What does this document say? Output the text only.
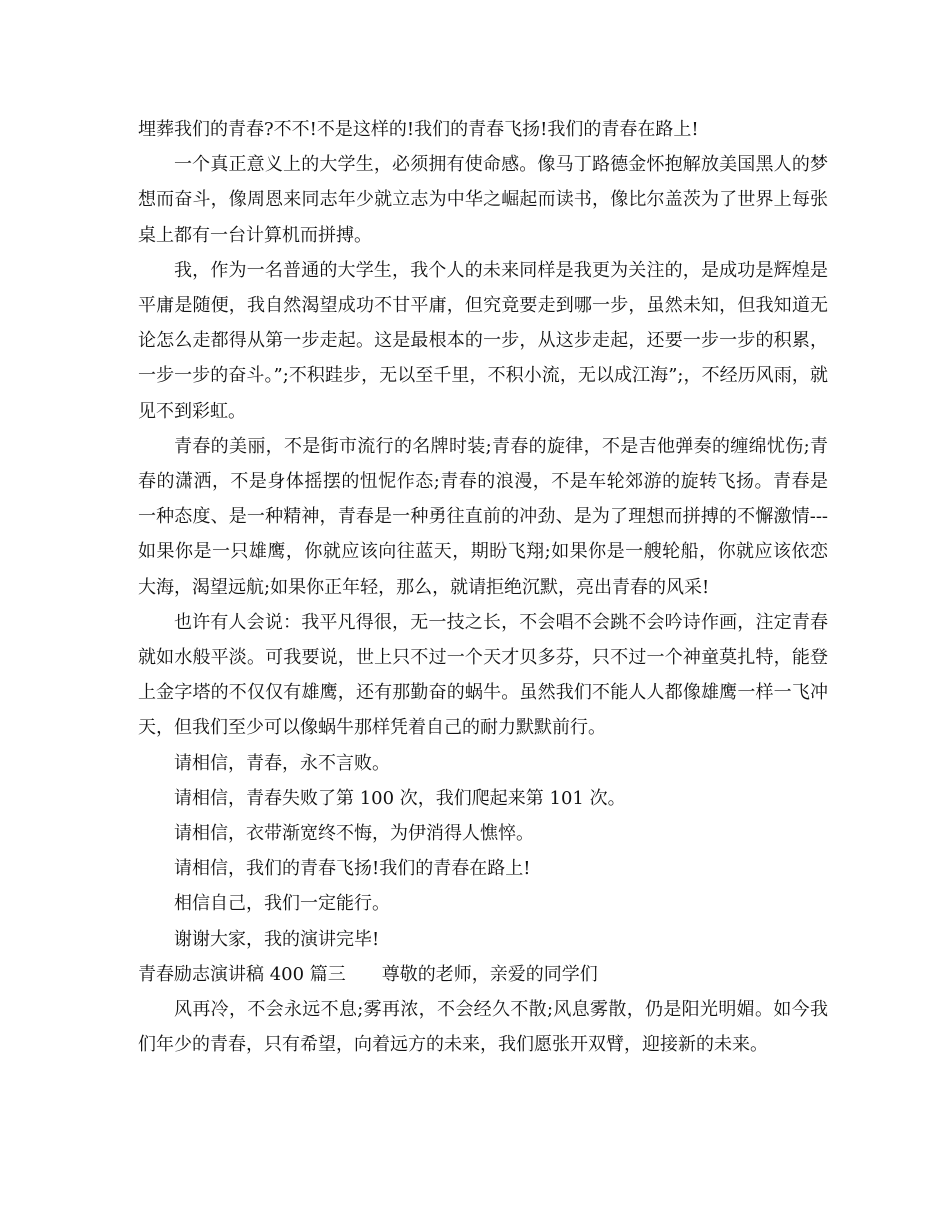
埋葬我们的青春?不不!不是这样的!我们的青春飞扬!我们的青春在路上!

一个真正意义上的大学生，必须拥有使命感。像马丁路德金怀抱解放美国黑人的梦想而奋斗，像周恩来同志年少就立志为中华之崛起而读书，像比尔盖茨为了世界上每张桌上都有一台计算机而拼搏。

我，作为一名普通的大学生，我个人的未来同样是我更为关注的，是成功是辉煌是平庸是随便，我自然渴望成功不甘平庸，但究竟要走到哪一步，虽然未知，但我知道无论怎么走都得从第一步走起。这是最根本的一步，从这步走起，还要一步一步的积累，一步一步的奋斗。”;不积跬步，无以至千里，不积小流，无以成江海”;，不经历风雨，就见不到彩虹。

青春的美丽，不是街市流行的名牌时装;青春的旋律，不是吉他弹奏的缠绵忧伤;青春的潇洒，不是身体摇摆的忸怩作态;青春的浪漫，不是车轮郊游的旋转飞扬。青春是一种态度、是一种精神，青春是一种勇往直前的冲劲、是为了理想而拼搏的不懈激情---如果你是一只雄鹰，你就应该向往蓝天，期盼飞翔;如果你是一艘轮船，你就应该依恋大海，渴望远航;如果你正年轻，那么，就请拒绝沉默，亮出青春的风采!

也许有人会说：我平凡得很，无一技之长，不会唱不会跳不会吟诗作画，注定青春就如水般平淡。可我要说，世上只不过一个天才贝多芬，只不过一个神童莫扎特，能登上金字塔的不仅仅有雄鹰，还有那勤奋的蜗牛。虽然我们不能人人都像雄鹰一样一飞冲天，但我们至少可以像蜗牛那样凭着自己的耐力默默前行。

请相信，青春，永不言败。

请相信，青春失败了第 100 次，我们爬起来第 101 次。

请相信，衣带渐宽终不悔，为伊消得人憔悴。

请相信，我们的青春飞扬!我们的青春在路上!

相信自己，我们一定能行。

谢谢大家，我的演讲完毕!

青春励志演讲稿 400 篇三　　尊敬的老师，亲爱的同学们

风再冷，不会永远不息;雾再浓，不会经久不散;风息雾散，仍是阳光明媚。如今我们年少的青春，只有希望，向着远方的未来，我们愿张开双臂，迎接新的未来。
